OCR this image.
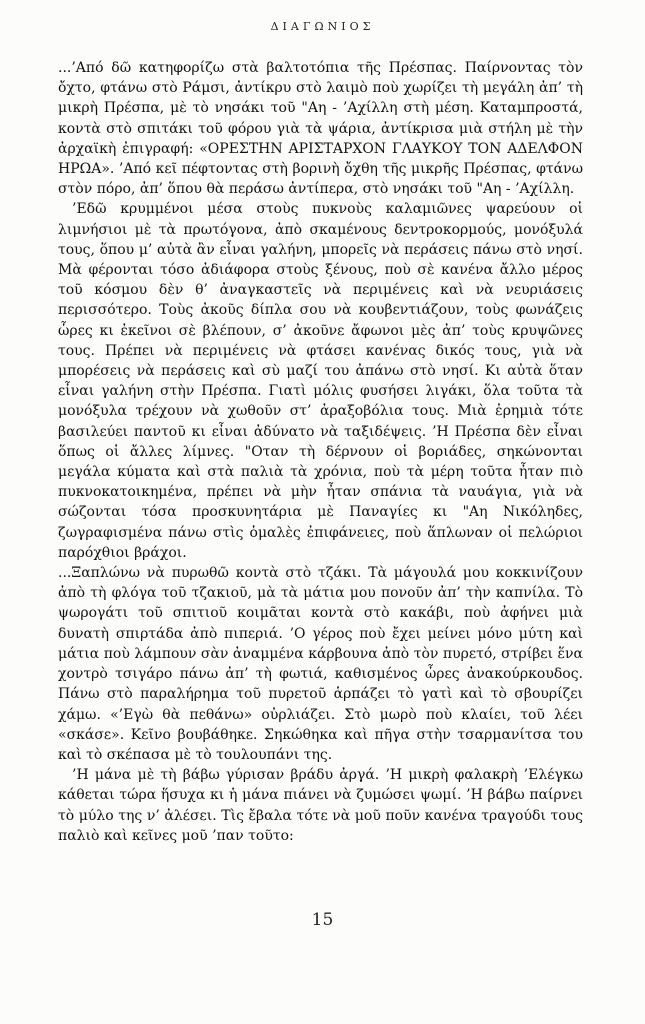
ΔΙΑΓΩΝΙΟΣ

...’Από δῶ κατηφορίζω στὰ βαλτοτόπια τῆς Πρέσπας. Παίρνοντας τὸν ὄχτο, φτάνω στὸ Ράμσι, ἀντίκρυ στὸ λαιμὸ ποὺ χωρίζει τὴ μεγάλη ἀπ’ τὴ μικρὴ Πρέσπα, μὲ τὸ νησάκι τοῦ "Αη - ’Αχίλλη στὴ μέση. Καταμπροστά, κοντὰ στὸ σπιτάκι τοῦ φόρου γιὰ τὰ ψάρια, ἀντίκρισα μιὰ στήλη μὲ τὴν ἀρχαϊκὴ ἐπιγραφή: «ΟΡΕΣΤΗΝ ΑΡΙΣΤΑΡΧΟΝ ΓΛΑΥΚΟΥ ΤΟΝ ΑΔΕΛΦΟΝ ΗΡΩΑ». ’Από κεῖ πέφτοντας στὴ βορινὴ ὄχθη τῆς μικρῆς Πρέσπας, φτάνω στὸν πόρο, ἀπ’ ὅπου θὰ περάσω ἀντίπερα, στὸ νησάκι τοῦ "Αη - ’Αχίλλη.

’Εδῶ κρυμμένοι μέσα στοὺς πυκνοὺς καλαμιῶνες ψαρεύουν οἱ λιμνήσιοι μὲ τὰ πρωτόγονα, ἀπὸ σκαμένους δεντροκορμούς, μονόξυλά τους, ὅπου μ’ αὐτὰ ἂν εἶναι γαλήνη, μπορεῖς νὰ περάσεις πάνω στὸ νησί. Μὰ φέρονται τόσο ἀδιάφορα στοὺς ξένους, ποὺ σὲ κανένα ἄλλο μέρος τοῦ κόσμου δὲν θ’ ἀναγκαστεῖς νὰ περιμένεις καὶ νὰ νευριάσεις περισσότερο. Τοὺς ἀκοῦς δίπλα σου νὰ κουβεντιάζουν, τοὺς φωνάζεις ὧρες κι ἐκεῖνοι σὲ βλέπουν, σ’ ἀκοῦνε ἄφωνοι μὲς ἀπ’ τοὺς κρυψῶνες τους. Πρέπει νὰ περιμένεις νὰ φτάσει κανένας δικός τους, γιὰ νὰ μπορέσεις νὰ περάσεις καὶ σὺ μαζί του ἀπάνω στὸ νησί. Κι αὐτὰ ὅταν εἶναι γαλήνη στὴν Πρέσπα. Γιατὶ μόλις φυσήσει λιγάκι, ὅλα τοῦτα τὰ μονόξυλα τρέχουν νὰ χωθοῦν στ’ ἀραξοβόλια τους. Μιὰ ἐρημιὰ τότε βασιλεύει παντοῦ κι εἶναι ἀδύνατο νὰ ταξιδέψεις. ’Η Πρέσπα δὲν εἶναι ὅπως οἱ ἄλλες λίμνες. "Οταν τὴ δέρνουν οἱ βοριάδες, σηκώνονται μεγάλα κύματα καὶ στὰ παλιὰ τὰ χρόνια, ποὺ τὰ μέρη τοῦτα ἦταν πιὸ πυκνοκατοικημένα, πρέπει νὰ μὴν ἦταν σπάνια τὰ ναυάγια, γιὰ νὰ σώζονται τόσα προσκυνητάρια μὲ Παναγίες κι "Αη Νικόληδες, ζωγραφισμένα πάνω στὶς ὁμαλὲς ἐπιφάνειες, ποὺ ἅπλωναν οἱ πελώριοι παρόχθιοι βράχοι.

...Ξαπλώνω νὰ πυρωθῶ κοντὰ στὸ τζάκι. Τὰ μάγουλά μου κοκκινίζουν ἀπὸ τὴ φλόγα τοῦ τζακιοῦ, μὰ τὰ μάτια μου πονοῦν ἀπ’ τὴν καπνίλα. Τὸ ψωρογάτι τοῦ σπιτιοῦ κοιμᾶται κοντὰ στὸ κακάβι, ποὺ ἀφήνει μιὰ δυνατὴ σπιρτάδα ἀπὸ πιπεριά. ’Ο γέρος ποὺ ἔχει μείνει μόνο μύτη καὶ μάτια ποὺ λάμπουν σὰν ἀναμμένα κάρβουνα ἀπὸ τὸν πυρετό, στρίβει ἕνα χοντρὸ τσιγάρο πάνω ἀπ’ τὴ φωτιά, καθισμένος ὧρες ἀνακούρκουδος. Πάνω στὸ παραλήρημα τοῦ πυρετοῦ ἁρπάζει τὸ γατὶ καὶ τὸ σβουρίζει χάμω. «’Εγὼ θὰ πεθάνω» οὐρλιάζει. Στὸ μωρὸ ποὺ κλαίει, τοῦ λέει «σκάσε». Κεῖνο βουβάθηκε. Σηκώθηκα καὶ πῆγα στὴν τσαρμανίτσα του καὶ τὸ σκέπασα μὲ τὸ τουλουπάνι της.

’Η μάνα μὲ τὴ βάβω γύρισαν βράδυ ἀργά. ’Η μικρὴ φαλακρὴ ’Ελέγκω κάθεται τώρα ἥσυχα κι ἡ μάνα πιάνει νὰ ζυμώσει ψωμί. ’Η βάβω παίρνει τὸ μύλο της ν’ ἀλέσει. Τὶς ἔβαλα τότε νὰ μοῦ ποῦν κανένα τραγούδι τους παλιὸ καὶ κεῖνες μοῦ ’παν τοῦτο:

15
